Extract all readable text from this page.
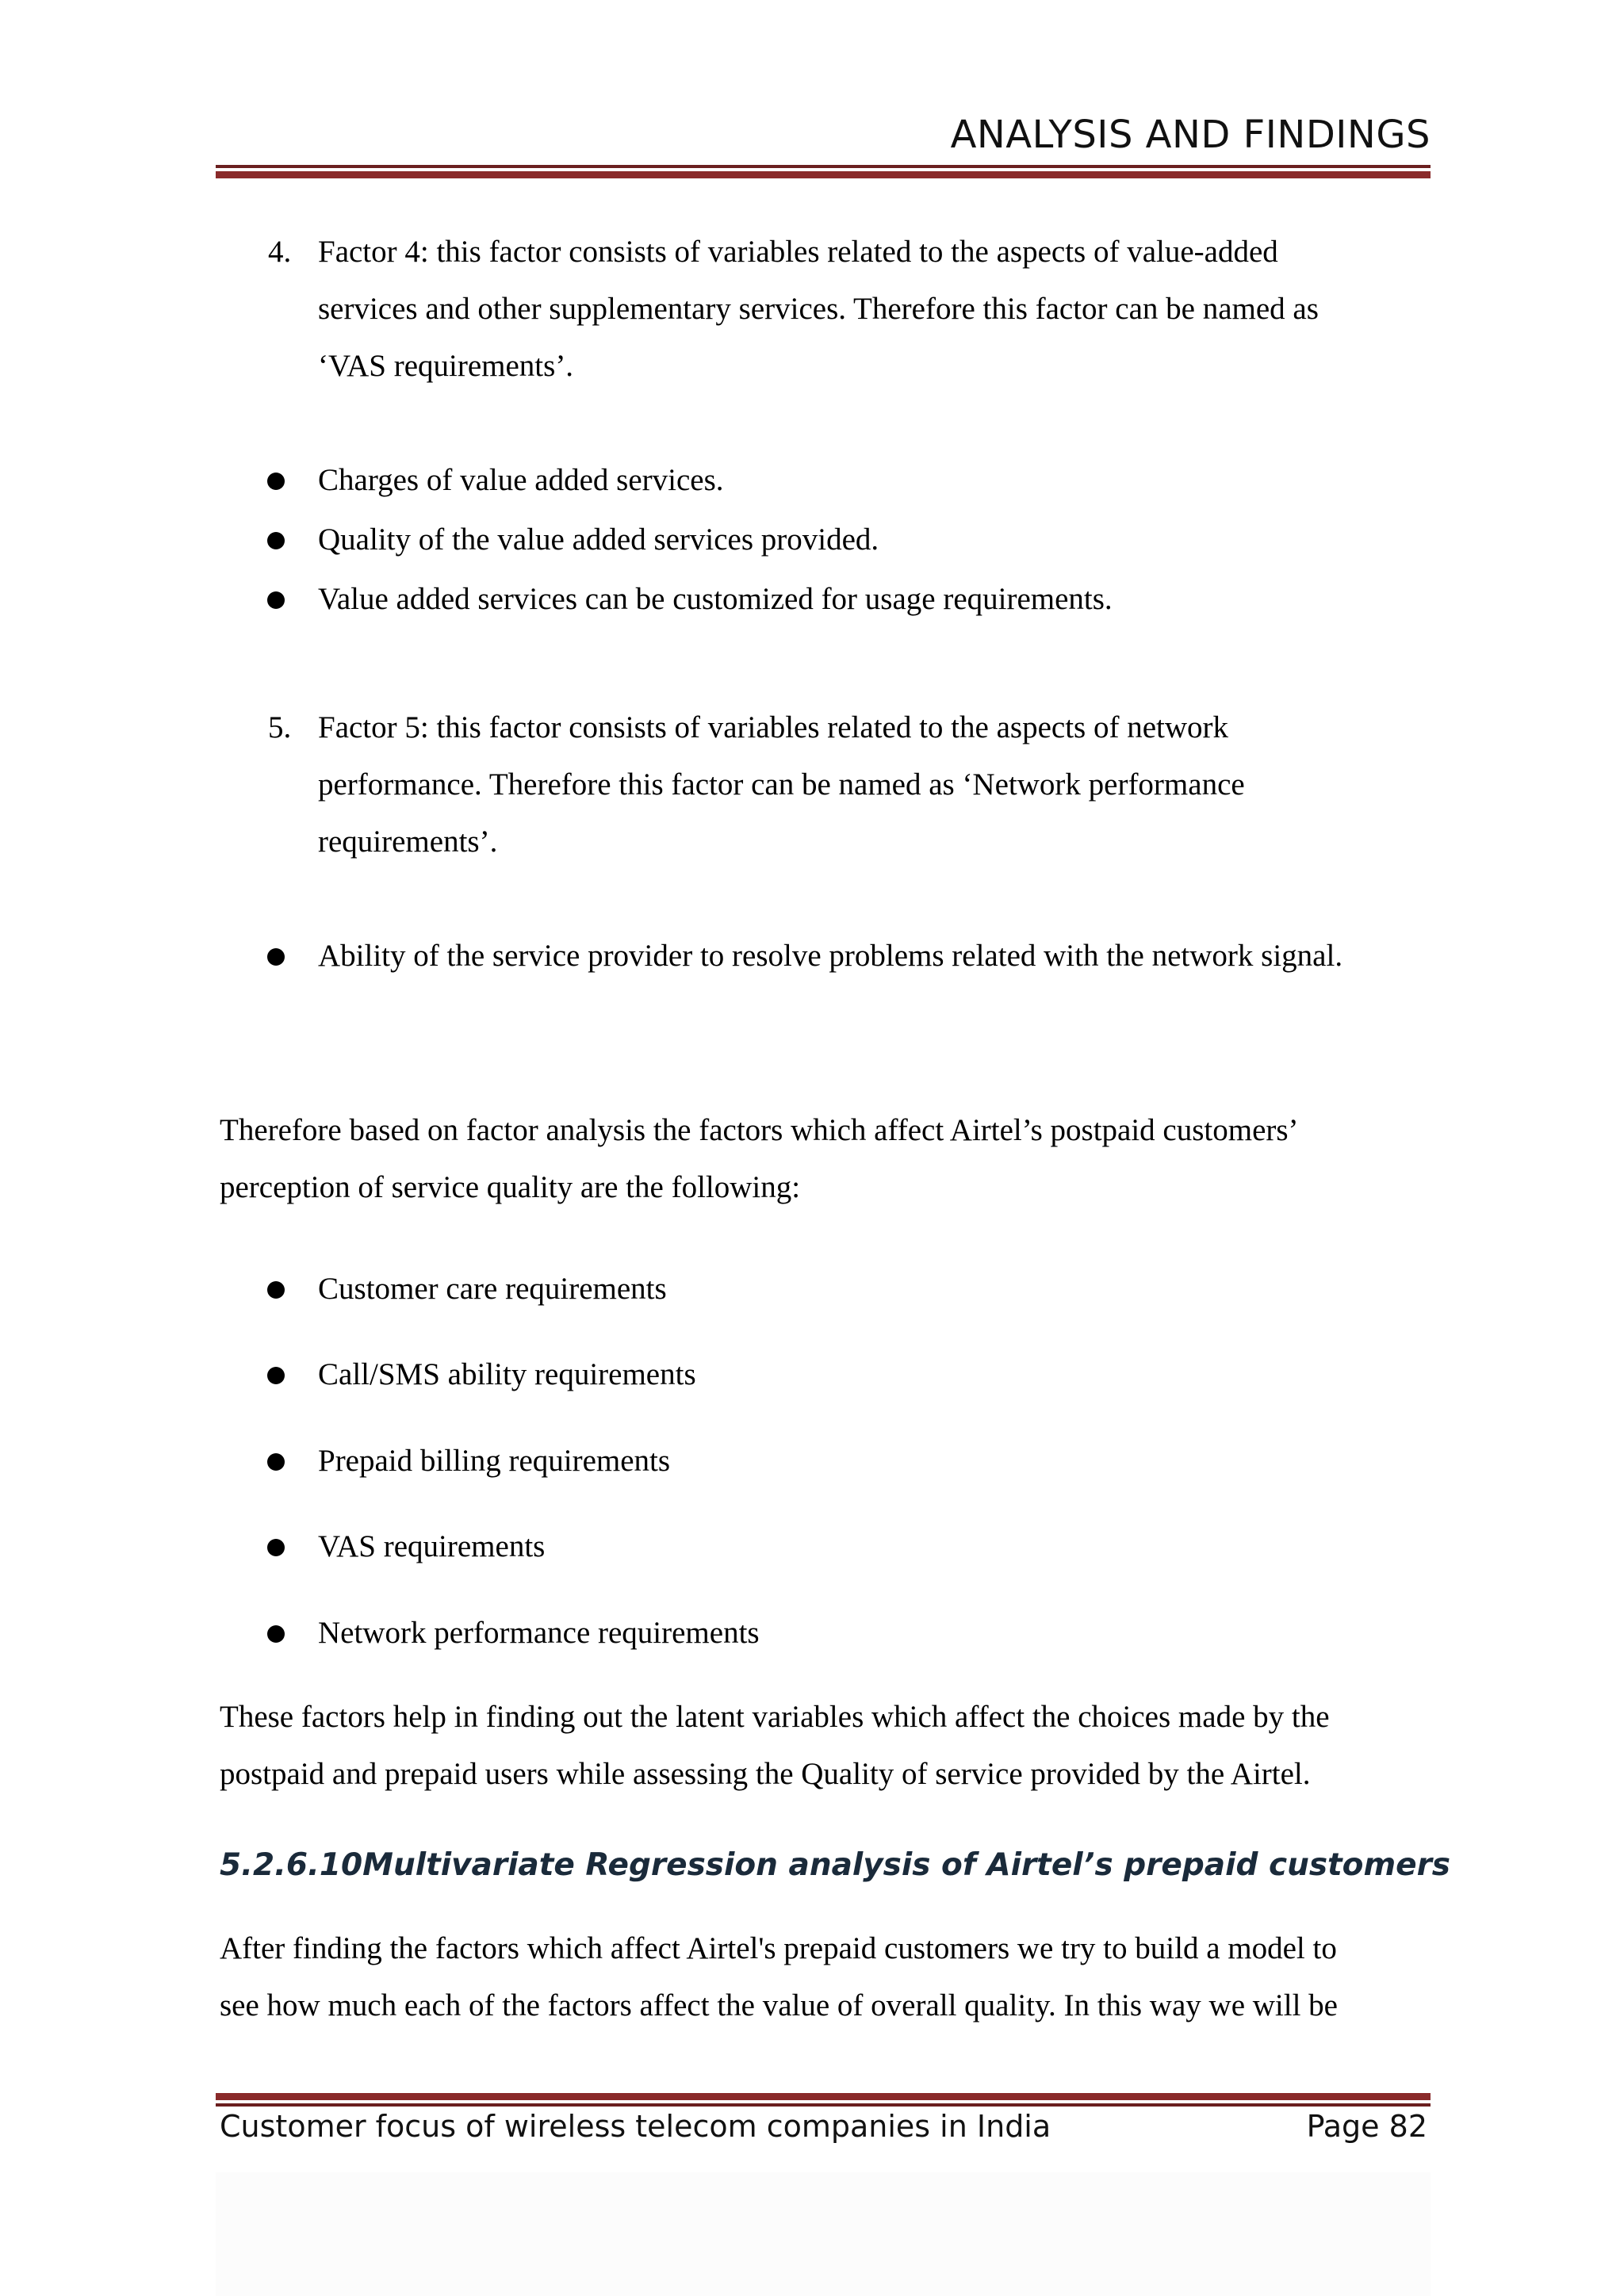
ANALYSIS AND FINDINGS
4. Factor 4: this factor consists of variables related to the aspects of value-added
services and other supplementary services. Therefore this factor can be named as
‘VAS requirements’.
Charges of value added services.
Quality of the value added services provided.
Value added services can be customized for usage requirements.
5. Factor 5: this factor consists of variables related to the aspects of network
performance. Therefore this factor can be named as ‘Network performance
requirements’.
Ability of the service provider to resolve problems related with the network signal.
Therefore based on factor analysis the factors which affect Airtel’s postpaid customers’
perception of service quality are the following:
Customer care requirements
Call/SMS ability requirements
Prepaid billing requirements
VAS requirements
Network performance requirements
These factors help in finding out the latent variables which affect the choices made by the
postpaid and prepaid users while assessing the Quality of service provided by the Airtel.
5.2.6.10Multivariate Regression analysis of Airtel’s prepaid customers
After finding the factors which affect Airtel's prepaid customers we try to build a model to
see how much each of the factors affect the value of overall quality. In this way we will be
Customer focus of wireless telecom companies in India	Page 82
